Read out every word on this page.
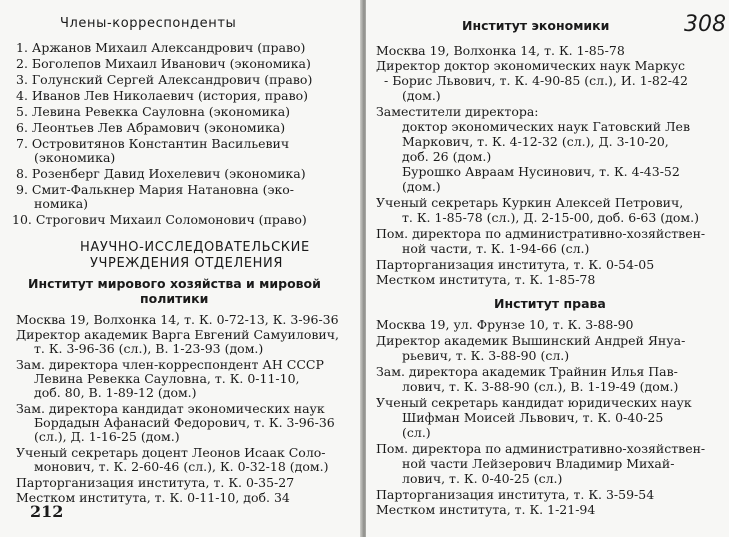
Члены-корреспонденты
1. Аржанов Михаил Александрович (право)
2. Боголепов Михаил Иванович (экономика)
3. Голунский Сергей Александрович (право)
4. Иванов Лев Николаевич (история, право)
5. Левина Ревекка Сауловна (экономика)
6. Леонтьев Лев Абрамович (экономика)
7. Островитянов Константин Васильевич
(экономика)
8. Розенберг Давид Иохелевич (экономика)
9. Смит-Фалькнер Мария Натановна (эко-
номика)
10. Строгович Михаил Соломонович (право)
НАУЧНО-ИССЛЕДОВАТЕЛЬСКИЕ
УЧРЕЖДЕНИЯ ОТДЕЛЕНИЯ
Институт мирового хозяйства и мировой
политики
Москва 19, Волхонка 14, т. К. 0-72-13, К. 3-96-36
Директор академик Варга Евгений Самуилович,
т. К. 3-96-36 (сл.), В. 1-23-93 (дом.)
Зам. директора член-корреспондент АН СССР
Левина Ревекка Сауловна, т. К. 0-11-10,
доб. 80, В. 1-89-12 (дом.)
Зам. директора кандидат экономических наук
Бордадын Афанасий Федорович, т. К. 3-96-36
(сл.), Д. 1-16-25 (дом.)
Ученый секретарь доцент Леонов Исаак Соло-
монович, т. К. 2-60-46 (сл.), К. 0-32-18 (дом.)
Парторганизация института, т. К. 0-35-27
Местком института, т. К. 0-11-10, доб. 34
212
Институт экономики	308
Москва 19, Волхонка 14, т. К. 1-85-78
Директор доктор экономических наук Маркус
- Борис Львович, т. К. 4-90-85 (сл.), И. 1-82-42
(дом.)
Заместители директора:
доктор экономических наук Гатовский Лев
Маркович, т. К. 4-12-32 (сл.), Д. 3-10-20,
доб. 26 (дом.)
Бурошко Авраам Нусинович, т. К. 4-43-52
(дом.)
Ученый секретарь Куркин Алексей Петрович,
т. К. 1-85-78 (сл.), Д. 2-15-00, доб. 6-63 (дом.)
Пом. директора по административно-хозяйствен-
ной части, т. К. 1-94-66 (сл.)
Парторганизация института, т. К. 0-54-05
Местком института, т. К. 1-85-78
Институт права
Москва 19, ул. Фрунзе 10, т. К. 3-88-90
Директор академик Вышинский Андрей Януа-
рьевич, т. К. 3-88-90 (сл.)
Зам. директора академик Трайнин Илья Пав-
лович, т. К. 3-88-90 (сл.), В. 1-19-49 (дом.)
Ученый секретарь кандидат юридических наук
Шифман Моисей Львович, т. К. 0-40-25
(сл.)
Пом. директора по административно-хозяйствен-
ной части Лейзерович Владимир Михай-
лович, т. К. 0-40-25 (сл.)
Парторганизация института, т. К. 3-59-54
Местком института, т. К. 1-21-94
